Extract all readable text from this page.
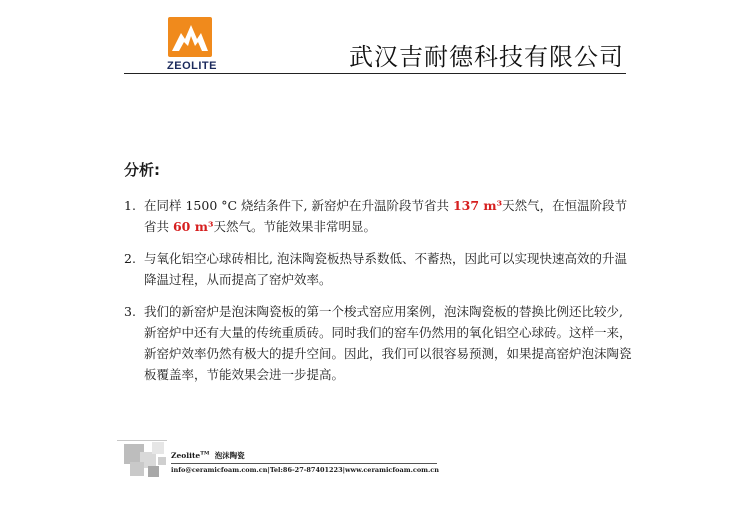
ZEOLITE	武汉吉耐德科技有限公司
分析:
1. 在同样 1500 °C 烧结条件下, 新窑炉在升温阶段节省共 137 m³天然气，在恒温阶段节省共 60 m³天然气。节能效果非常明显。
2. 与氧化铝空心球砖相比, 泡沫陶瓷板热导系数低、不蓄热，因此可以实现快速高效的升温降温过程，从而提高了窑炉效率。
3. 我们的新窑炉是泡沫陶瓷板的第一个梭式窑应用案例，泡沫陶瓷板的替换比例还比较少,新窑炉中还有大量的传统重质砖。同时我们的窑车仍然用的氧化铝空心球砖。这样一来，新窑炉效率仍然有极大的提升空间。因此，我们可以很容易预测，如果提高窑炉泡沫陶瓷板覆盖率，节能效果会进一步提高。
Zeolite™ 泡沫陶瓷
info@ceramicfoam.com.cn|Tel:86-27-87401223|www.ceramicfoam.com.cn
